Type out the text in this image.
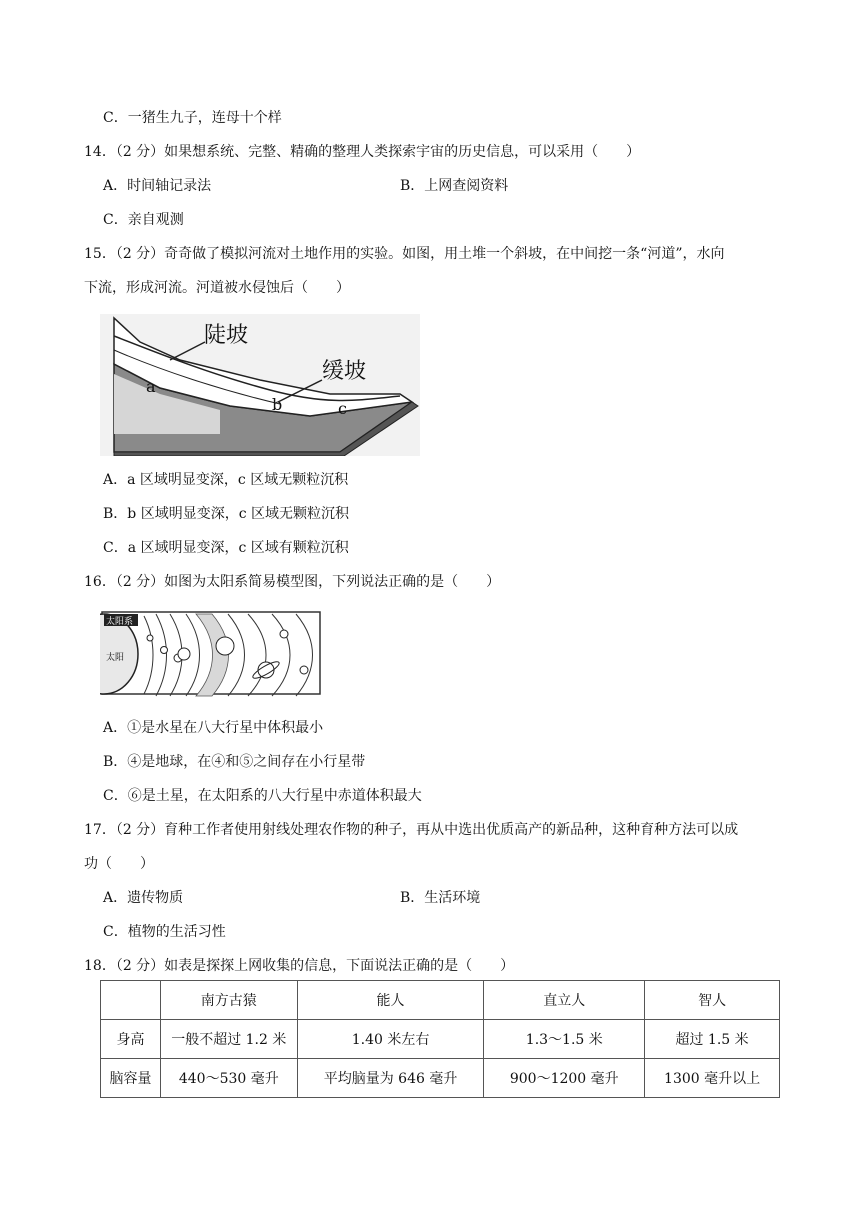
C．一猪生九子，连母十个样
14．（2 分）如果想系统、完整、精确的整理人类探索宇宙的历史信息，可以采用（　　）
A．时间轴记录法	B．上网查阅资料
C．亲自观测
15．（2 分）奇奇做了模拟河流对土地作用的实验。如图，用土堆一个斜坡，在中间挖一条“河道”，水向
下流，形成河流。河道被水侵蚀后（　　）
陡坡
缓坡
a
b	c
A．a 区域明显变深，c 区域无颗粒沉积
B．b 区域明显变深，c 区域无颗粒沉积
C．a 区域明显变深，c 区域有颗粒沉积
16．（2 分）如图为太阳系简易模型图，下列说法正确的是（　　）
太阳系
太阳
A．①是水星在八大行星中体积最小
B．④是地球，在④和⑤之间存在小行星带
C．⑥是土星，在太阳系的八大行星中赤道体积最大
17．（2 分）育种工作者使用射线处理农作物的种子，再从中选出优质高产的新品种，这种育种方法可以成
功（　　）
A．遗传物质	B．生活环境
C．植物的生活习性
18．（2 分）如表是探探上网收集的信息，下面说法正确的是（　　）
	南方古猿	能人	直立人	智人
身高	一般不超过 1.2 米	1.40 米左右	1.3～1.5 米	超过 1.5 米
脑容量	440～530 毫升	平均脑量为 646 毫升	900～1200 毫升	1300 毫升以上
